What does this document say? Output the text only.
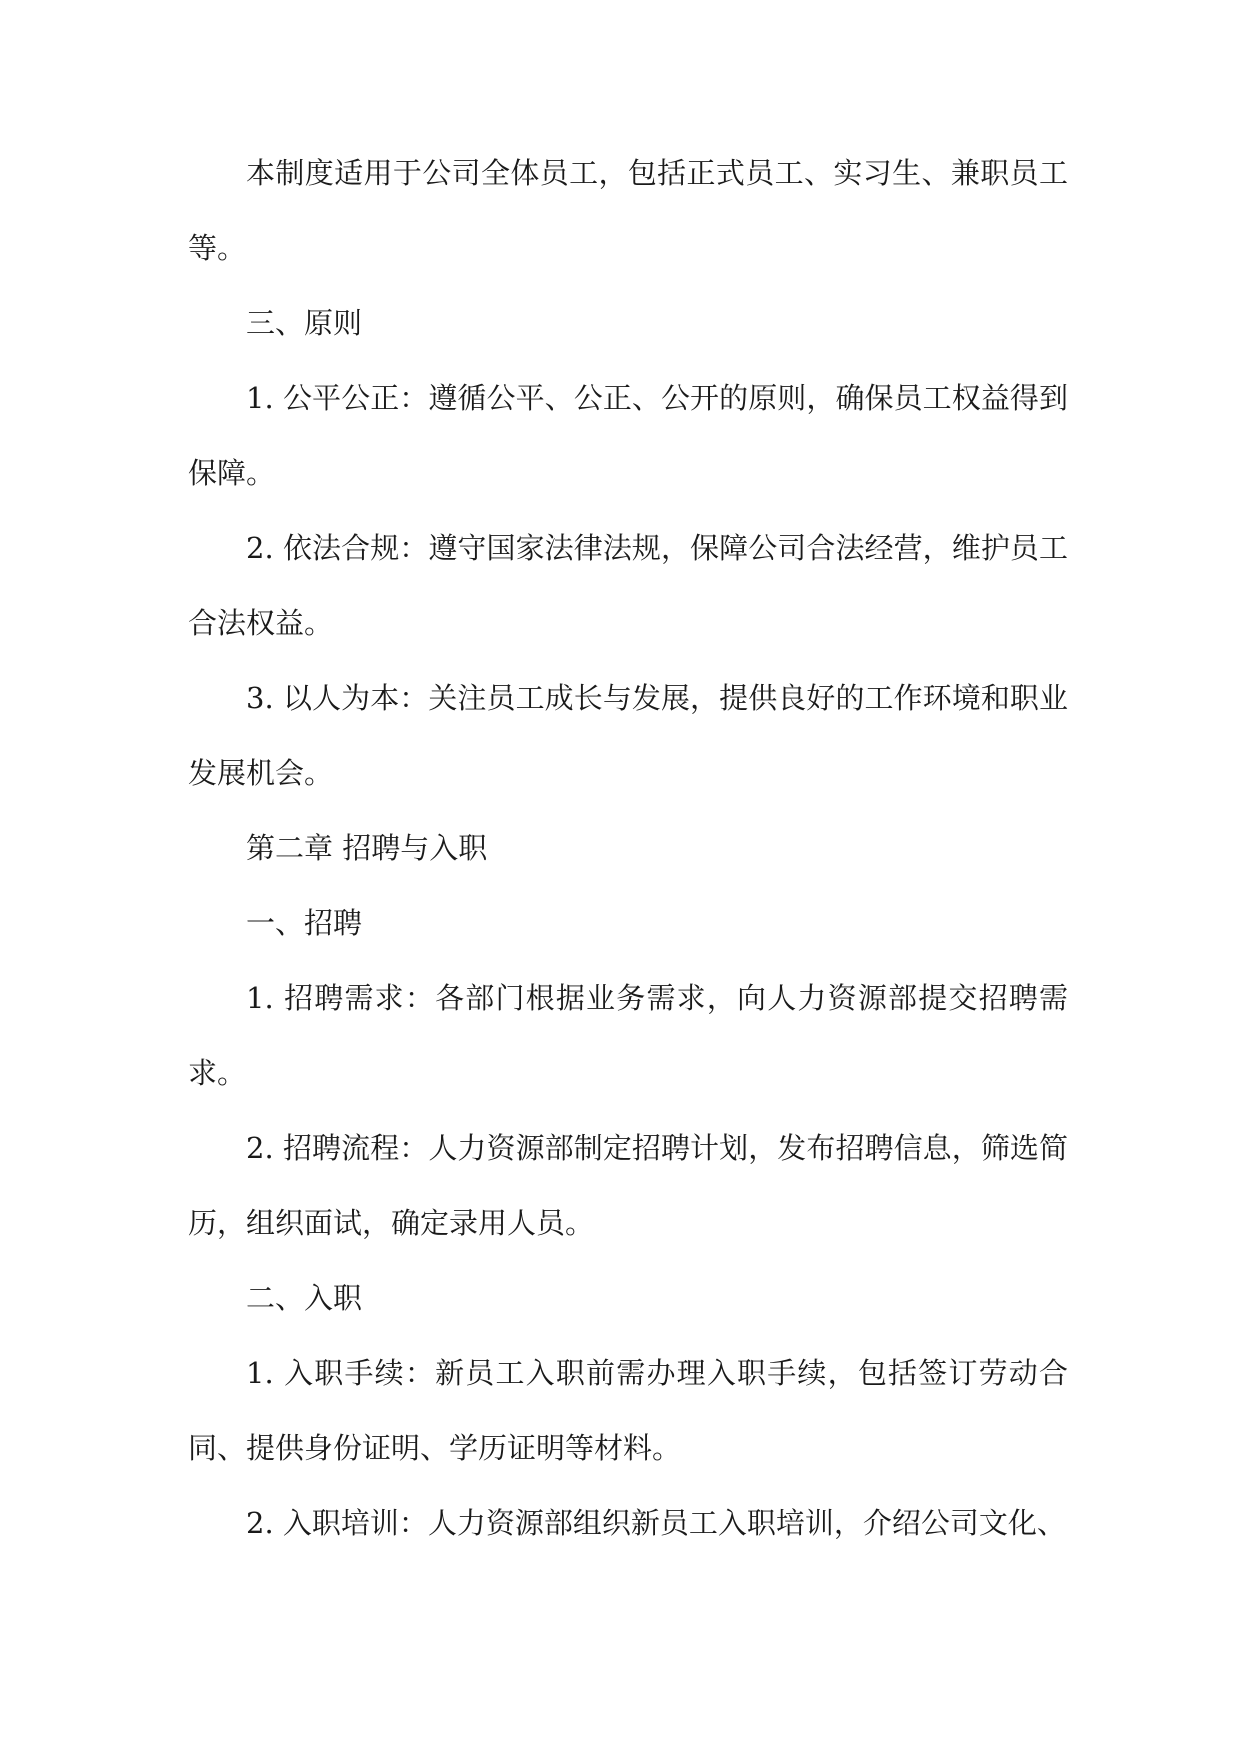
本制度适用于公司全体员工，包括正式员工、实习生、兼职员工等。

三、原则

1. 公平公正：遵循公平、公正、公开的原则，确保员工权益得到保障。

2. 依法合规：遵守国家法律法规，保障公司合法经营，维护员工合法权益。

3. 以人为本：关注员工成长与发展，提供良好的工作环境和职业发展机会。

第二章 招聘与入职

一、招聘

1. 招聘需求：各部门根据业务需求，向人力资源部提交招聘需求。

2. 招聘流程：人力资源部制定招聘计划，发布招聘信息，筛选简历，组织面试，确定录用人员。

二、入职

1. 入职手续：新员工入职前需办理入职手续，包括签订劳动合同、提供身份证明、学历证明等材料。

2. 入职培训：人力资源部组织新员工入职培训，介绍公司文化、
